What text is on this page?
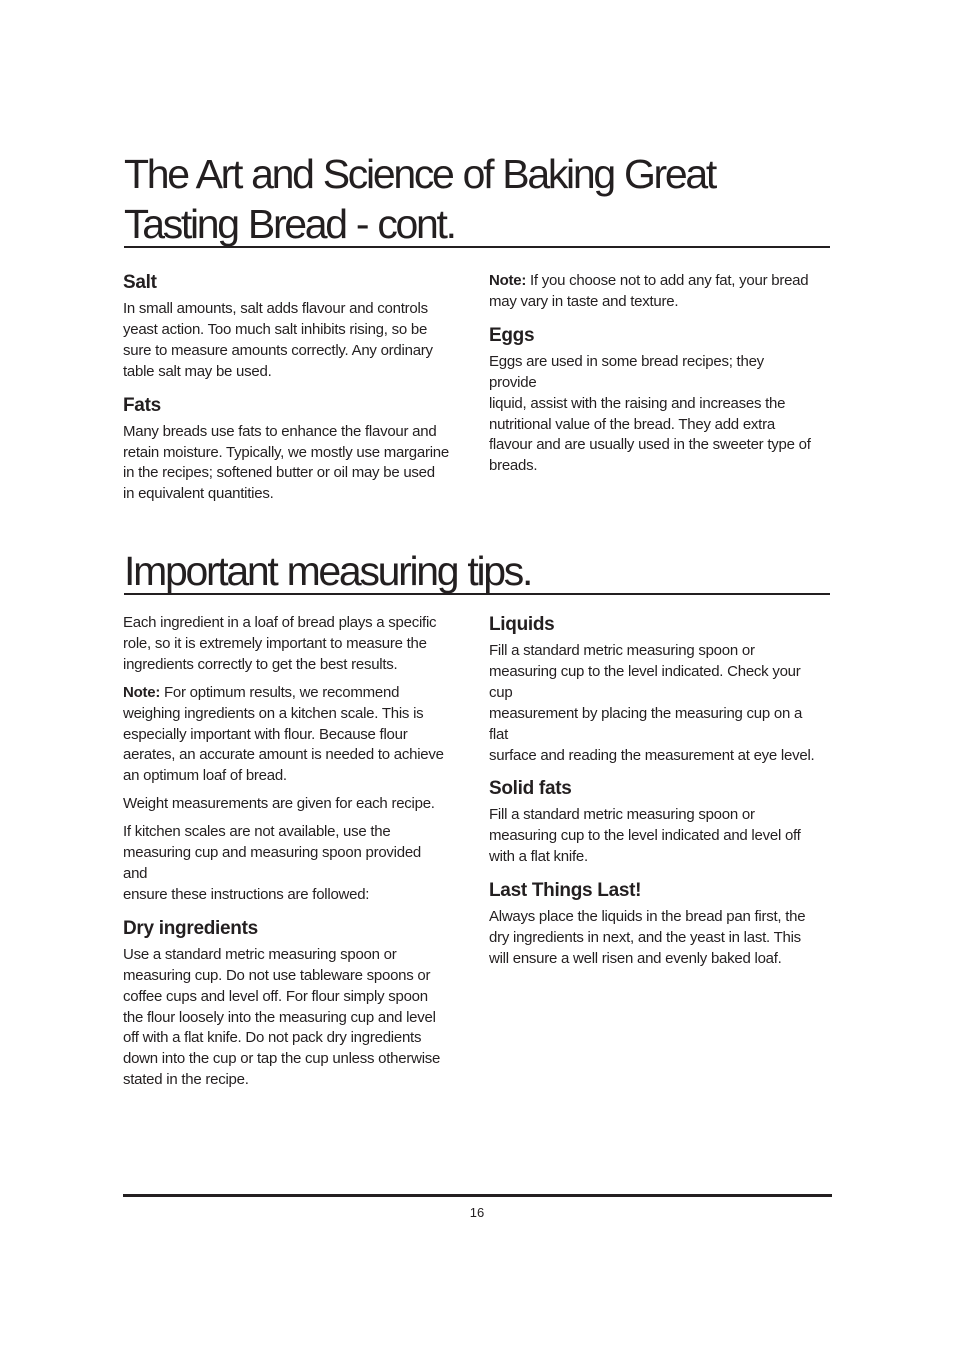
The Art and Science of Baking Great
Tasting Bread - cont.
Salt

In small amounts, salt adds flavour and controls
yeast action. Too much salt inhibits rising, so be
sure to measure amounts correctly. Any ordinary
table salt may be used.

Fats

Many breads use fats to enhance the flavour and
retain moisture. Typically, we mostly use margarine
in the recipes; softened butter or oil may be used
in equivalent quantities.

Note: If you choose not to add any fat, your bread
may vary in taste and texture.

Eggs

Eggs are used in some bread recipes; they provide
liquid, assist with the raising and increases the
nutritional value of the bread. They add extra
flavour and are usually used in the sweeter type of
breads.

Important measuring tips.

Each ingredient in a loaf of bread plays a specific
role, so it is extremely important to measure the
ingredients correctly to get the best results.

Note: For optimum results, we recommend
weighing ingredients on a kitchen scale. This is
especially important with flour. Because flour
aerates, an accurate amount is needed to achieve
an optimum loaf of bread.

Weight measurements are given for each recipe.

If kitchen scales are not available, use the
measuring cup and measuring spoon provided and
ensure these instructions are followed:

Dry ingredients

Use a standard metric measuring spoon or
measuring cup. Do not use tableware spoons or
coffee cups and level off. For flour simply spoon
the flour loosely into the measuring cup and level
off with a flat knife. Do not pack dry ingredients
down into the cup or tap the cup unless otherwise
stated in the recipe.

Liquids

Fill a standard metric measuring spoon or
measuring cup to the level indicated. Check your cup
measurement by placing the measuring cup on a flat
surface and reading the measurement at eye level.

Solid fats

Fill a standard metric measuring spoon or
measuring cup to the level indicated and level off
with a flat knife.

Last Things Last!

Always place the liquids in the bread pan first, the
dry ingredients in next, and the yeast in last. This
will ensure a well risen and evenly baked loaf.

16
